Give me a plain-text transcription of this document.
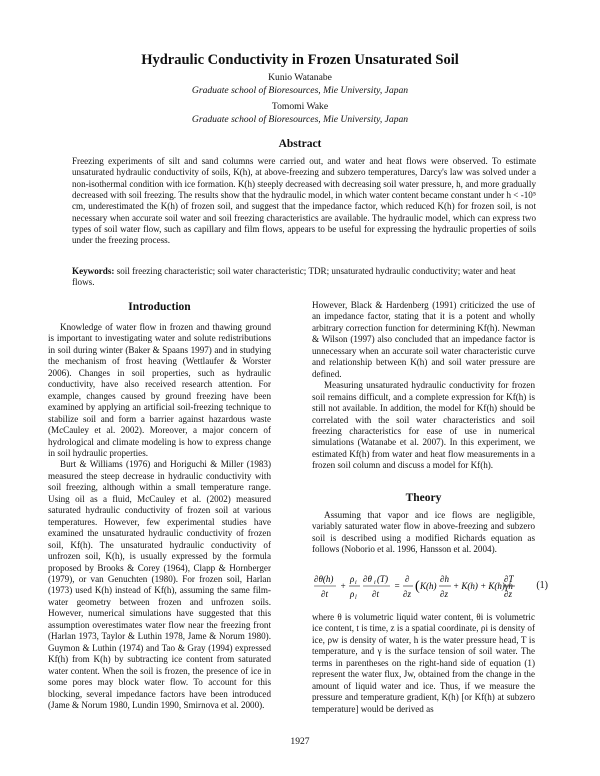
Hydraulic Conductivity in Frozen Unsaturated Soil
Kunio Watanabe
Graduate school of Bioresources, Mie University, Japan
Tomomi Wake
Graduate school of Bioresources, Mie University, Japan
Abstract
Freezing experiments of silt and sand columns were carried out, and water and heat flows were observed. To estimate unsaturated hydraulic conductivity of soils, K(h), at above-freezing and subzero temperatures, Darcy's law was solved under a non-isothermal condition with ice formation. K(h) steeply decreased with decreasing soil water pressure, h, and more gradually decreased with soil freezing. The results show that the hydraulic model, in which water content became constant under h < -10⁵ cm, underestimated the K(h) of frozen soil, and suggest that the impedance factor, which reduced K(h) for frozen soil, is not necessary when accurate soil water and soil freezing characteristics are available. The hydraulic model, which can express two types of soil water flow, such as capillary and film flows, appears to be useful for expressing the hydraulic properties of soils under the freezing process.
Keywords: soil freezing characteristic; soil water characteristic; TDR; unsaturated hydraulic conductivity; water and heat flows.
Introduction

Knowledge of water flow in frozen and thawing ground is important to investigating water and solute redistributions in soil during winter (Baker & Spaans 1997) and in studying the mechanism of frost heaving (Wettlaufer & Worster 2006). Changes in soil properties, such as hydraulic conductivity, have also received research attention. For example, changes caused by ground freezing have been examined by applying an artificial soil-freezing technique to stabilize soil and form a barrier against hazardous waste (McCauley et al. 2002). Moreover, a major concern of hydrological and climate modeling is how to express change in soil hydraulic properties.

Burt & Williams (1976) and Horiguchi & Miller (1983) measured the steep decrease in hydraulic conductivity with soil freezing, although within a small temperature range. Using oil as a fluid, McCauley et al. (2002) measured saturated hydraulic conductivity of frozen soil at various temperatures. However, few experimental studies have examined the unsaturated hydraulic conductivity of frozen soil, Kf(h). The unsaturated hydraulic conductivity of unfrozen soil, K(h), is usually expressed by the formula proposed by Brooks & Corey (1964), Clapp & Hornberger (1979), or van Genuchten (1980). For frozen soil, Harlan (1973) used K(h) instead of Kf(h), assuming the same film-water geometry between frozen and unfrozen soils. However, numerical simulations have suggested that this assumption overestimates water flow near the freezing front (Harlan 1973, Taylor & Luthin 1978, Jame & Norum 1980). Guymon & Luthin (1974) and Tao & Gray (1994) expressed Kf(h) from K(h) by subtracting ice content from saturated water content. When the soil is frozen, the presence of ice in some pores may block water flow. To account for this blocking, several impedance factors have been introduced (Jame & Norum 1980, Lundin 1990, Smirnova et al. 2000).

However, Black & Hardenberg (1991) criticized the use of an impedance factor, stating that it is a potent and wholly arbitrary correction function for determining Kf(h). Newman & Wilson (1997) also concluded that an impedance factor is unnecessary when an accurate soil water characteristic curve and relationship between K(h) and soil water pressure are defined.

Measuring unsaturated hydraulic conductivity for frozen soil remains difficult, and a complete expression for Kf(h) is still not available. In addition, the model for Kf(h) should be correlated with the soil water characteristics and soil freezing characteristics for ease of use in numerical simulations (Watanabe et al. 2007). In this experiment, we estimated Kf(h) from water and heat flow measurements in a frozen soil column and discuss a model for Kf(h).

Theory

Assuming that vapor and ice flows are negligible, variably saturated water flow in above-freezing and subzero soil is described using a modified Richards equation as follows (Noborio et al. 1996, Hansson et al. 2004).

∂θ(h)
∂t
+
ρ i
ρ l
∂θ i (T)
∂t
=
∂
∂z ( K(h)
∂h
∂z
+ K(h) + K(h)γh
∂T
∂z
(1)

where θ is volumetric liquid water content, θi is volumetric ice content, t is time, z is a spatial coordinate, ρi is density of ice, ρw is density of water, h is the water pressure head, T is temperature, and γ is the surface tension of soil water. The terms in parentheses on the right-hand side of equation (1) represent the water flux, Jw, obtained from the change in the amount of liquid water and ice. Thus, if we measure the pressure and temperature gradient, K(h) [or Kf(h) at subzero temperature] would be derived as

1927
